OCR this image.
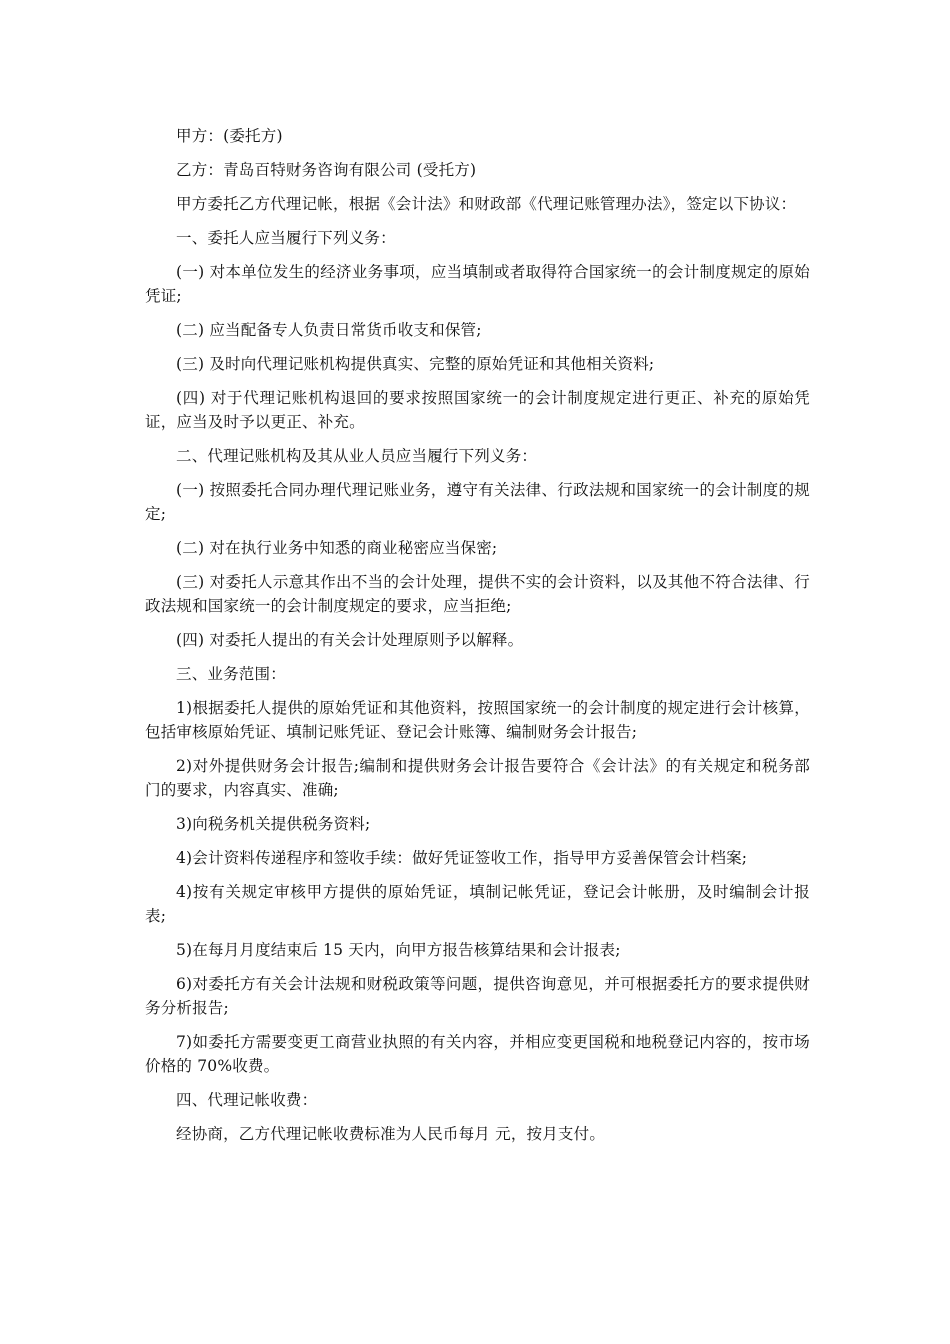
甲方：(委托方)

乙方：青岛百特财务咨询有限公司 (受托方)

甲方委托乙方代理记帐，根据《会计法》和财政部《代理记账管理办法》，签定以下协议：

一、委托人应当履行下列义务：

(一) 对本单位发生的经济业务事项，应当填制或者取得符合国家统一的会计制度规定的原始凭证;

(二) 应当配备专人负责日常货币收支和保管;

(三) 及时向代理记账机构提供真实、完整的原始凭证和其他相关资料;

(四) 对于代理记账机构退回的要求按照国家统一的会计制度规定进行更正、补充的原始凭证，应当及时予以更正、补充。

二、代理记账机构及其从业人员应当履行下列义务：

(一) 按照委托合同办理代理记账业务，遵守有关法律、行政法规和国家统一的会计制度的规定;

(二) 对在执行业务中知悉的商业秘密应当保密;

(三) 对委托人示意其作出不当的会计处理，提供不实的会计资料，以及其他不符合法律、行政法规和国家统一的会计制度规定的要求，应当拒绝;

(四) 对委托人提出的有关会计处理原则予以解释。

三、业务范围：

1)根据委托人提供的原始凭证和其他资料，按照国家统一的会计制度的规定进行会计核算，包括审核原始凭证、填制记账凭证、登记会计账簿、编制财务会计报告;

2)对外提供财务会计报告;编制和提供财务会计报告要符合《会计法》的有关规定和税务部门的要求，内容真实、准确;

3)向税务机关提供税务资料;

4)会计资料传递程序和签收手续：做好凭证签收工作，指导甲方妥善保管会计档案;

4)按有关规定审核甲方提供的原始凭证，填制记帐凭证，登记会计帐册，及时编制会计报表;

5)在每月月度结束后 15 天内，向甲方报告核算结果和会计报表;

6)对委托方有关会计法规和财税政策等问题，提供咨询意见，并可根据委托方的要求提供财务分析报告;

7)如委托方需要变更工商营业执照的有关内容，并相应变更国税和地税登记内容的，按市场价格的 70%收费。

四、代理记帐收费：

经协商，乙方代理记帐收费标准为人民币每月 元，按月支付。
